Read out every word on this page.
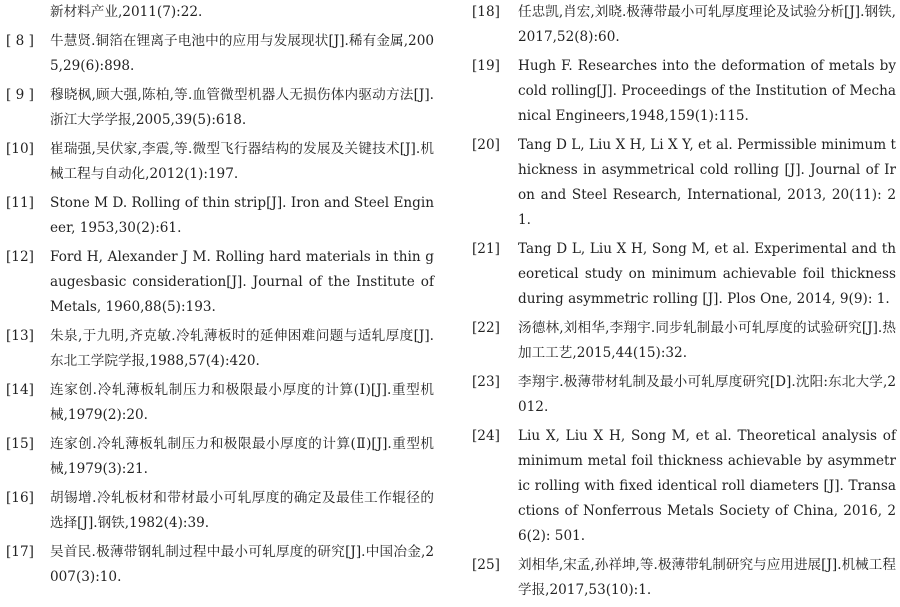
新材料产业,2011(7):22.
[ 8 ]	牛慧贤.铜箔在锂离子电池中的应用与发展现状[J].稀有金属,2005,29(6):898.
[ 9 ]	穆晓枫,顾大强,陈柏,等.血管微型机器人无损伤体内驱动方法[J].浙江大学学报,2005,39(5):618.
[10]	崔瑞强,吴伏家,李震,等.微型飞行器结构的发展及关键技术[J].机械工程与自动化,2012(1):197.
[11]	Stone M D. Rolling of thin strip[J]. Iron and Steel Engineer, 1953,30(2):61.
[12]	Ford H, Alexander J M. Rolling hard materials in thin gaugesbasic consideration[J]. Journal of the Institute of Metals, 1960,88(5):193.
[13]	朱泉,于九明,齐克敏.冷轧薄板时的延伸困难问题与适轧厚度[J].东北工学院学报,1988,57(4):420.
[14]	连家创.冷轧薄板轧制压力和极限最小厚度的计算(Ⅰ)[J].重型机械,1979(2):20.
[15]	连家创.冷轧薄板轧制压力和极限最小厚度的计算(Ⅱ)[J].重型机械,1979(3):21.
[16]	胡锡增.冷轧板材和带材最小可轧厚度的确定及最佳工作辊径的选择[J].钢铁,1982(4):39.
[17]	吴首民.极薄带钢轧制过程中最小可轧厚度的研究[J].中国冶金,2007(3):10.
[18]	任忠凯,肖宏,刘晓.极薄带最小可轧厚度理论及试验分析[J].钢铁,2017,52(8):60.
[19]	Hugh F. Researches into the deformation of metals by cold rolling[J]. Proceedings of the Institution of Mechanical Engineers,1948,159(1):115.
[20]	Tang D L, Liu X H, Li X Y, et al. Permissible minimum thickness in asymmetrical cold rolling [J]. Journal of Iron and Steel Research, International, 2013, 20(11): 21.
[21]	Tang D L, Liu X H, Song M, et al. Experimental and theoretical study on minimum achievable foil thickness during asymmetric rolling [J]. Plos One, 2014, 9(9): 1.
[22]	汤德林,刘相华,李翔宇.同步轧制最小可轧厚度的试验研究[J].热加工工艺,2015,44(15):32.
[23]	李翔宇.极薄带材轧制及最小可轧厚度研究[D].沈阳:东北大学,2012.
[24]	Liu X, Liu X H, Song M, et al. Theoretical analysis of minimum metal foil thickness achievable by asymmetric rolling with fixed identical roll diameters [J]. Transactions of Nonferrous Metals Society of China, 2016, 26(2): 501.
[25]	刘相华,宋孟,孙祥坤,等.极薄带轧制研究与应用进展[J].机械工程学报,2017,53(10):1.
